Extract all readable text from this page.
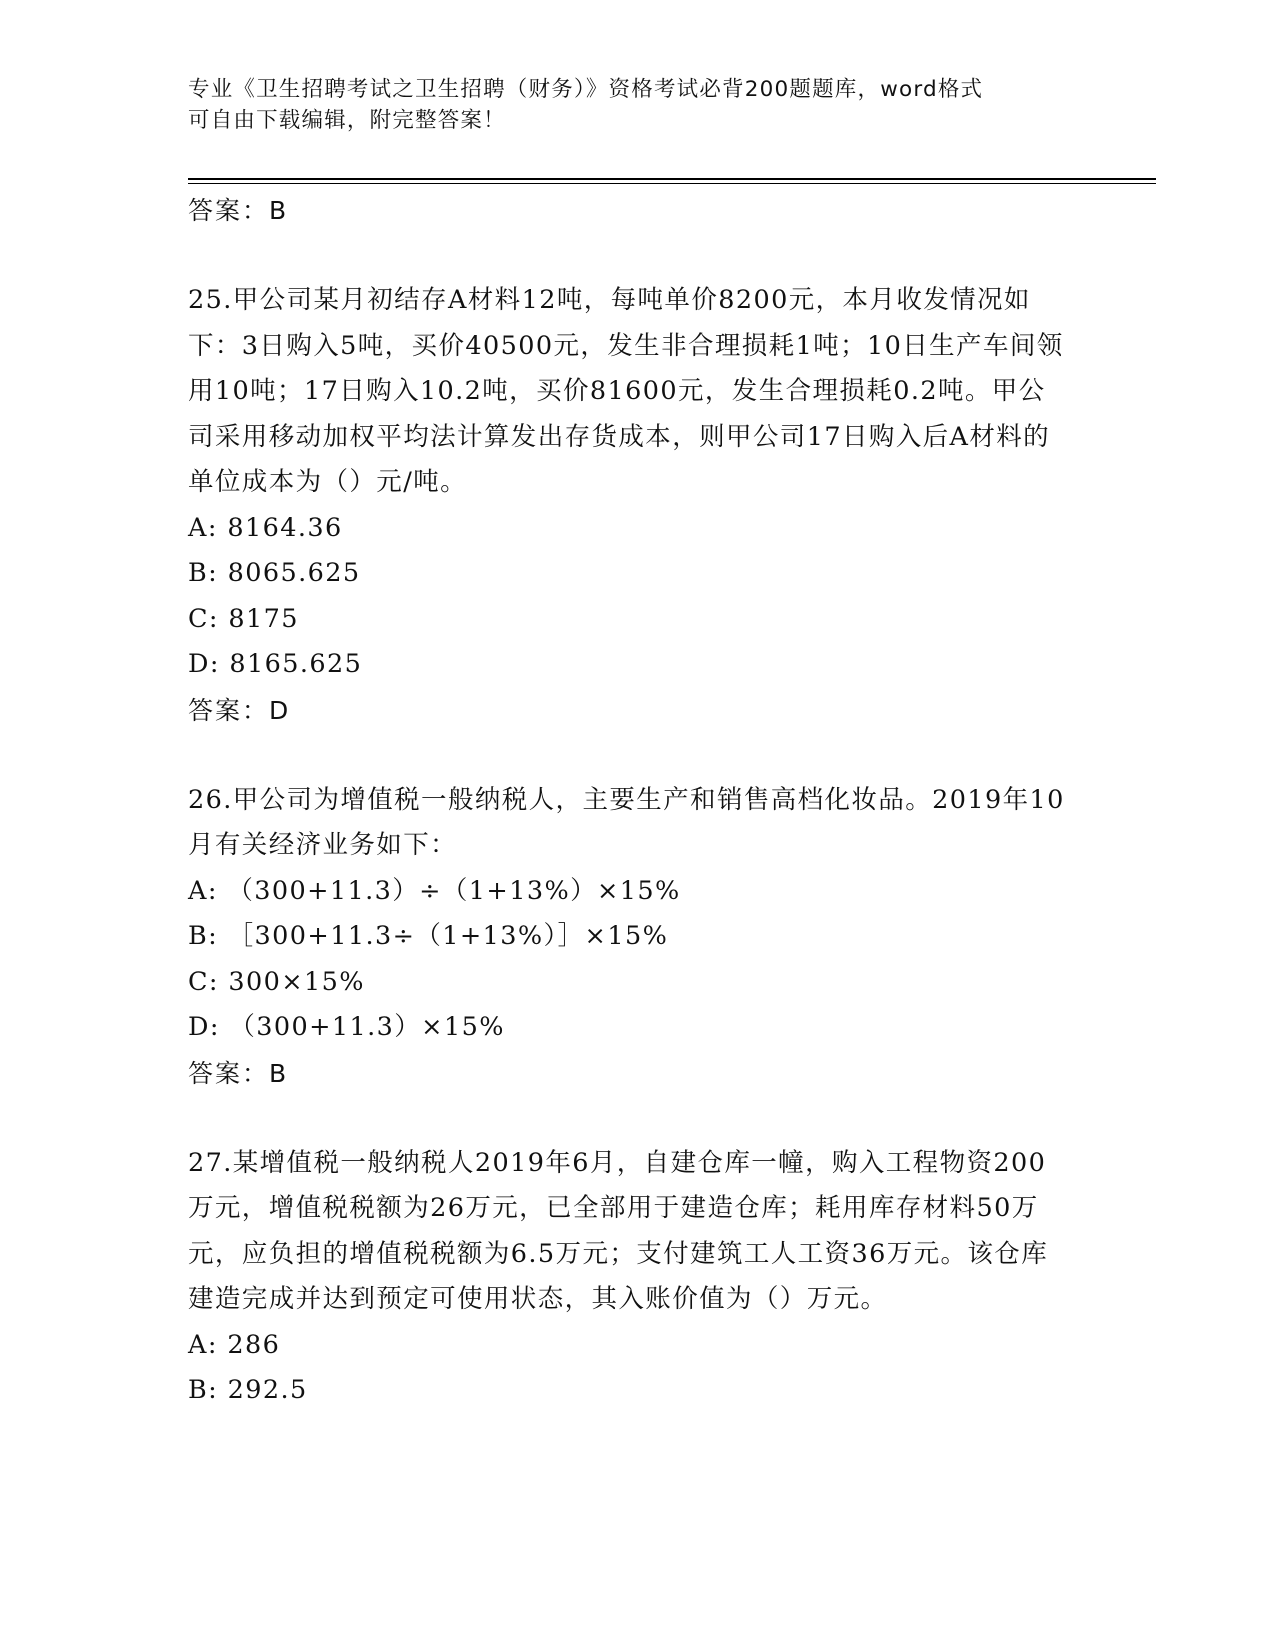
专业《卫生招聘考试之卫生招聘（财务）》资格考试必背200题题库，word格式
可自由下载编辑，附完整答案！

答案：B

25.甲公司某月初结存A材料12吨，每吨单价8200元，本月收发情况如下：3日购入5吨，买价40500元，发生非合理损耗1吨；10日生产车间领用10吨；17日购入10.2吨，买价81600元，发生合理损耗0.2吨。甲公司采用移动加权平均法计算发出存货成本，则甲公司17日购入后A材料的单位成本为（）元/吨。

A: 8164.36

B: 8065.625

C: 8175

D: 8165.625

答案：D

26.甲公司为增值税一般纳税人，主要生产和销售高档化妆品。2019年10月有关经济业务如下：

A: （300+11.3）÷（1+13%）×15%

B: ［300+11.3÷（1+13%）］×15%

C: 300×15%

D: （300+11.3）×15%

答案：B

27.某增值税一般纳税人2019年6月，自建仓库一幢，购入工程物资200万元，增值税税额为26万元，已全部用于建造仓库；耗用库存材料50万元，应负担的增值税税额为6.5万元；支付建筑工人工资36万元。该仓库建造完成并达到预定可使用状态，其入账价值为（）万元。

A: 286

B: 292.5
